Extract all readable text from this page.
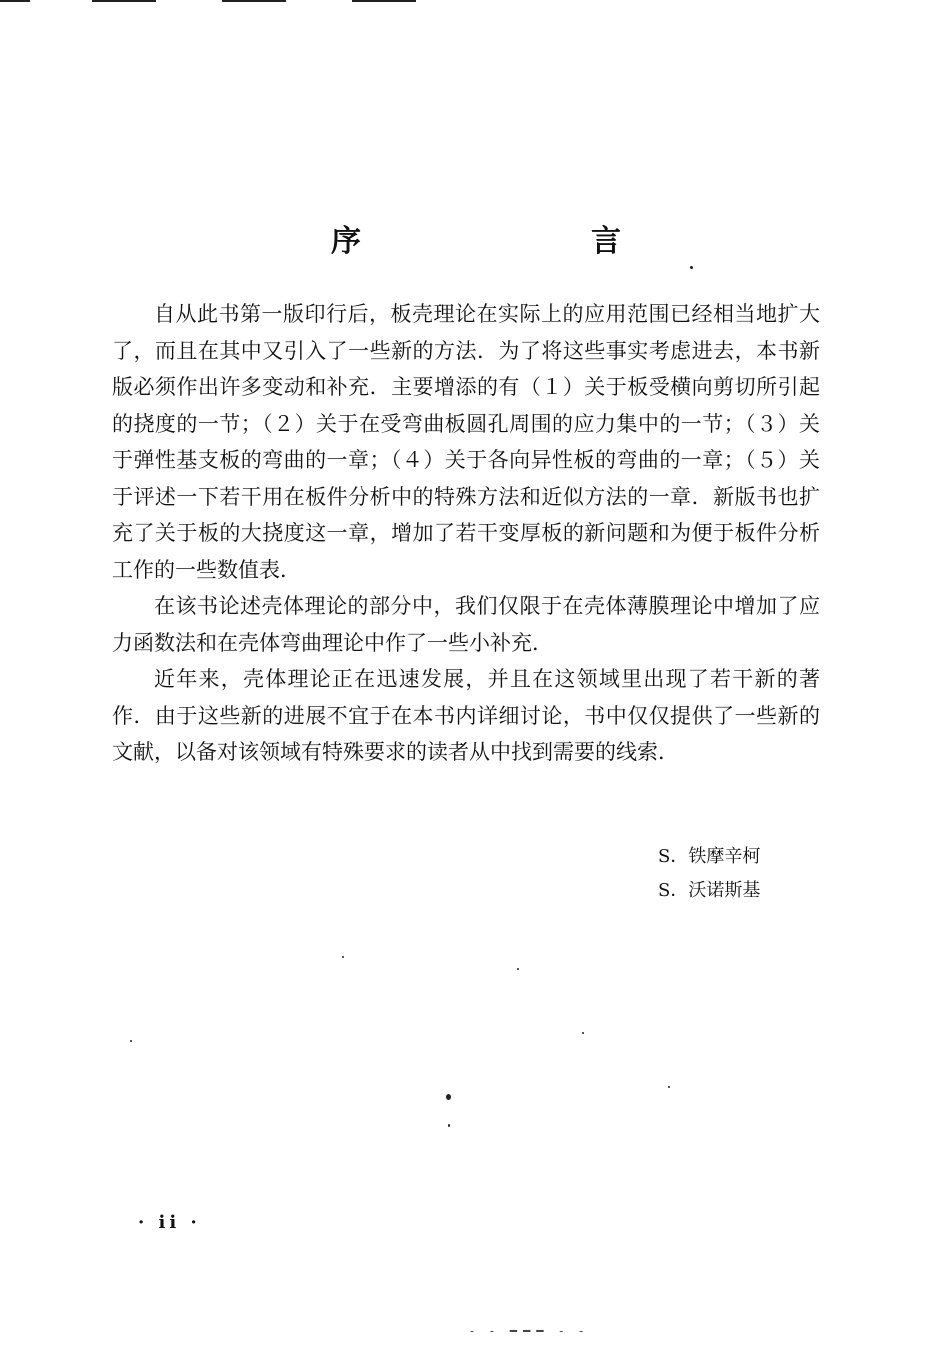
序　言

自从此书第一版印行后，板壳理论在实际上的应用范围已经相当地扩大了，而且在其中又引入了一些新的方法．为了将这些事实考虑进去，本书新版必须作出许多变动和补充．主要增添的有（１）关于板受横向剪切所引起的挠度的一节；（２）关于在受弯曲板圆孔周围的应力集中的一节；（３）关于弹性基支板的弯曲的一章；（４）关于各向异性板的弯曲的一章；（５）关于评述一下若干用在板件分析中的特殊方法和近似方法的一章．新版书也扩充了关于板的大挠度这一章，增加了若干变厚板的新问题和为便于板件分析工作的一些数值表．

在该书论述壳体理论的部分中，我们仅限于在壳体薄膜理论中增加了应力函数法和在壳体弯曲理论中作了一些小补充．

近年来，壳体理论正在迅速发展，并且在这领域里出现了若干新的著作．由于这些新的进展不宜于在本书内详细讨论，书中仅仅提供了一些新的文献，以备对该领域有特殊要求的读者从中找到需要的线索．

S．铁摩辛柯
S．沃诺斯基
· ii ·
- ‐ ━━━ ‐ ‐
